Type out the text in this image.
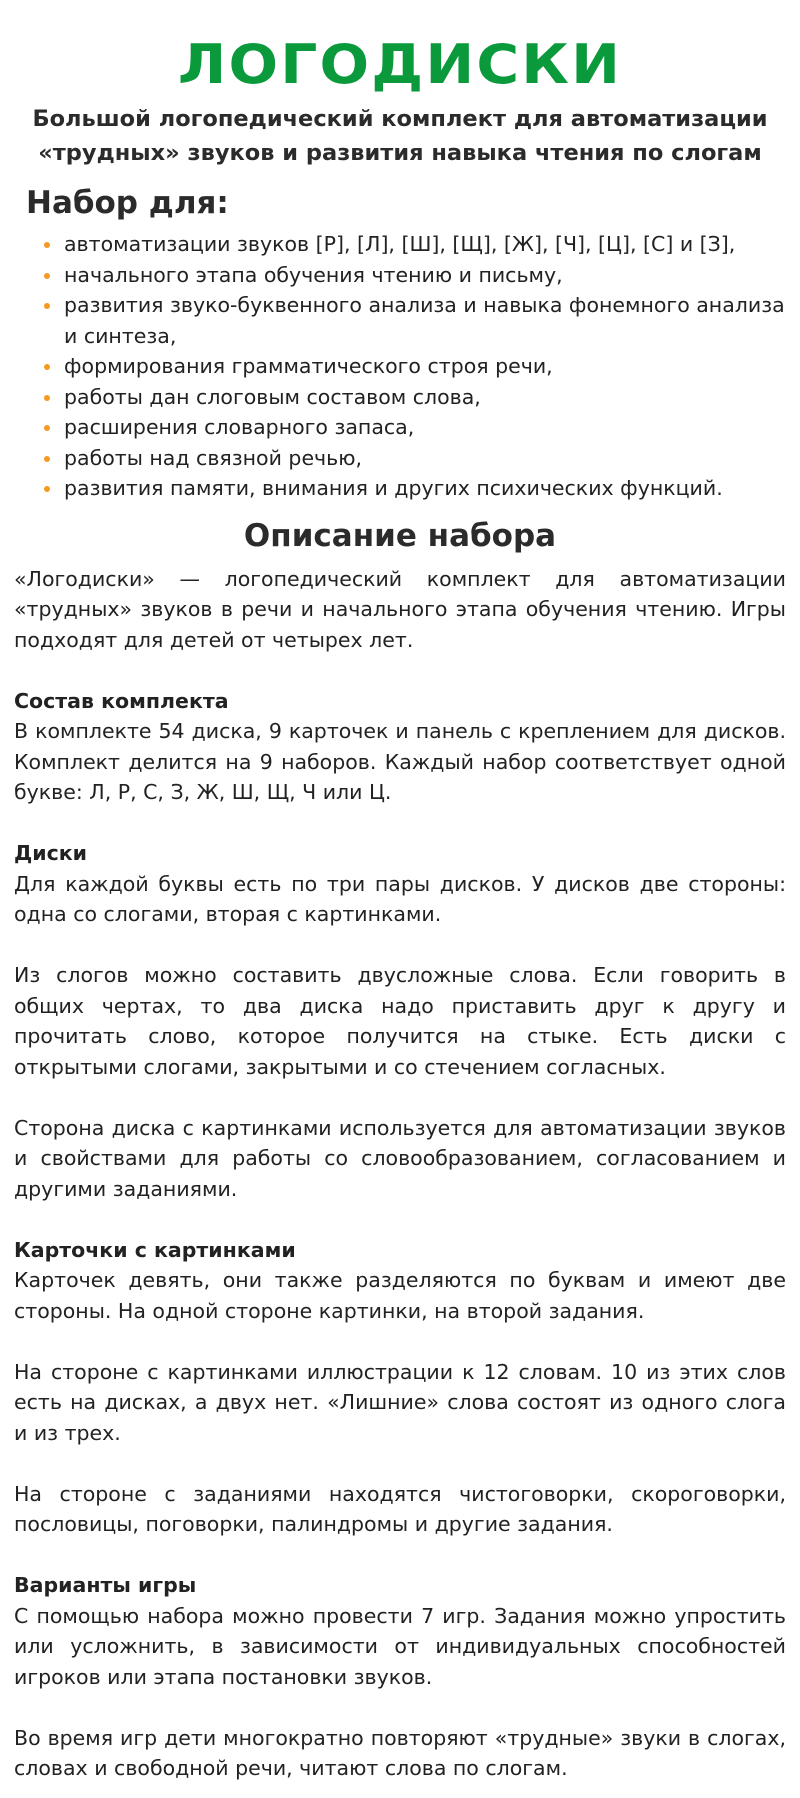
ЛОГОДИСКИ
Большой логопедический комплект для автоматизации
«трудных» звуков и развития навыка чтения по слогам
Набор для:
автоматизации звуков [Р], [Л], [Ш], [Щ], [Ж], [Ч], [Ц], [С] и [З],
начального этапа обучения чтению и письму,
развития звуко-буквенного анализа и навыка фонемного анализа и синтеза,
формирования грамматического строя речи,
работы дан слоговым составом слова,
расширения словарного запаса,
работы над связной речью,
развития памяти, внимания и других психических функций.
Описание набора

«Логодиски» — логопедический комплект для автоматизации «трудных» звуков в речи и начального этапа обучения чтению. Игры подходят для детей от четырех лет.

Состав комплекта

В комплекте 54 диска, 9 карточек и панель с креплением для дисков. Комплект делится на 9 наборов. Каждый набор соответствует одной букве: Л, Р, С, З, Ж, Ш, Щ, Ч или Ц.

Диски

Для каждой буквы есть по три пары дисков. У дисков две стороны: одна со слогами, вторая с картинками.

Из слогов можно составить двусложные слова. Если говорить в общих чертах, то два диска надо приставить друг к другу и прочитать слово, которое получится на стыке. Есть диски с открытыми слогами, закрытыми и со стечением согласных.

Сторона диска с картинками используется для автоматизации звуков и свойствами для работы со словообразованием, согласованием и другими заданиями.

Карточки с картинками

Карточек девять, они также разделяются по буквам и имеют две стороны. На одной стороне картинки, на второй задания.

На стороне с картинками иллюстрации к 12 словам. 10 из этих слов есть на дисках, а двух нет. «Лишние» слова состоят из одного слога и из трех.

На стороне с заданиями находятся чистоговорки, скороговорки, пословицы, поговорки, палиндромы и другие задания.

Варианты игры

С помощью набора можно провести 7 игр. Задания можно упростить или усложнить, в зависимости от индивидуальных способностей игроков или этапа постановки звуков.

Во время игр дети многократно повторяют «трудные» звуки в слогах, словах и свободной речи, читают слова по слогам.
